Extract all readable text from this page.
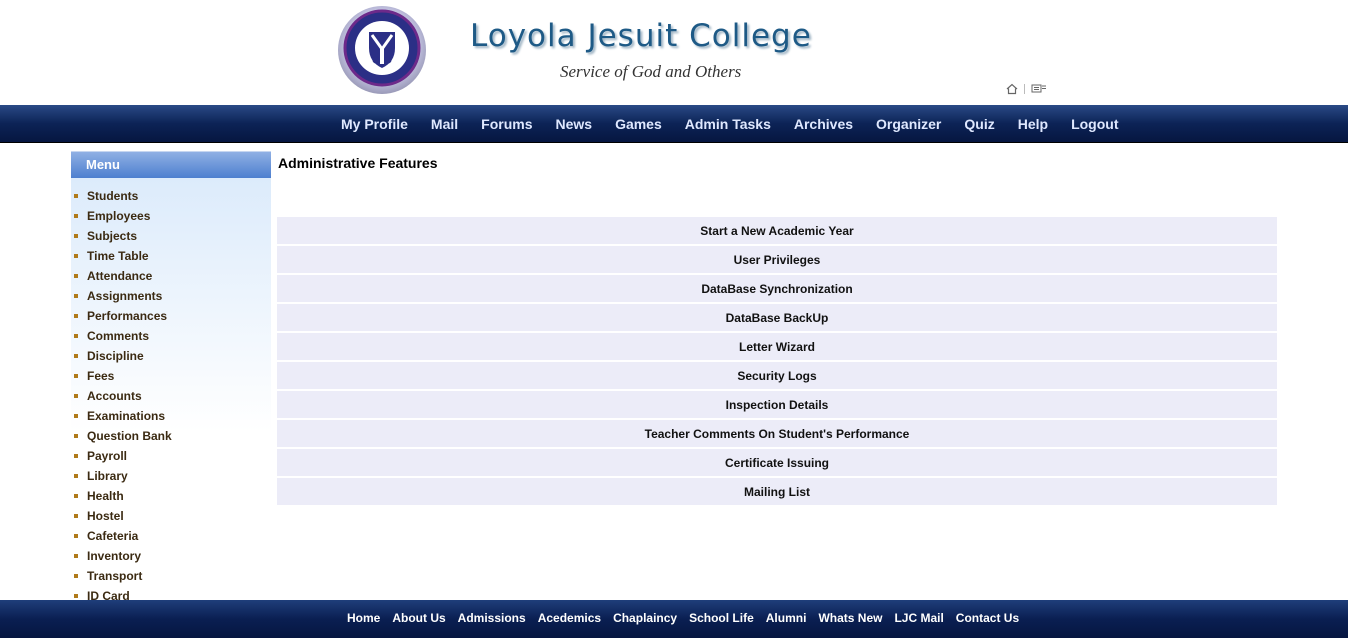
Loyola Jesuit College
Service of God and Others
My Profile Mail Forums News Games Admin Tasks Archives Organizer Quiz Help Logout
Menu
Students
Employees
Subjects
Time Table
Attendance
Assignments
Performances
Comments
Discipline
Fees
Accounts
Examinations
Question Bank
Payroll
Library
Health
Hostel
Cafeteria
Inventory
Transport
ID Card
Administrative Features
Start a New Academic Year
User Privileges
DataBase Synchronization
DataBase BackUp
Letter Wizard
Security Logs
Inspection Details
Teacher Comments On Student's Performance
Certificate Issuing
Mailing List
Home About Us Admissions Acedemics Chaplaincy School Life Alumni Whats New LJC Mail Contact Us
